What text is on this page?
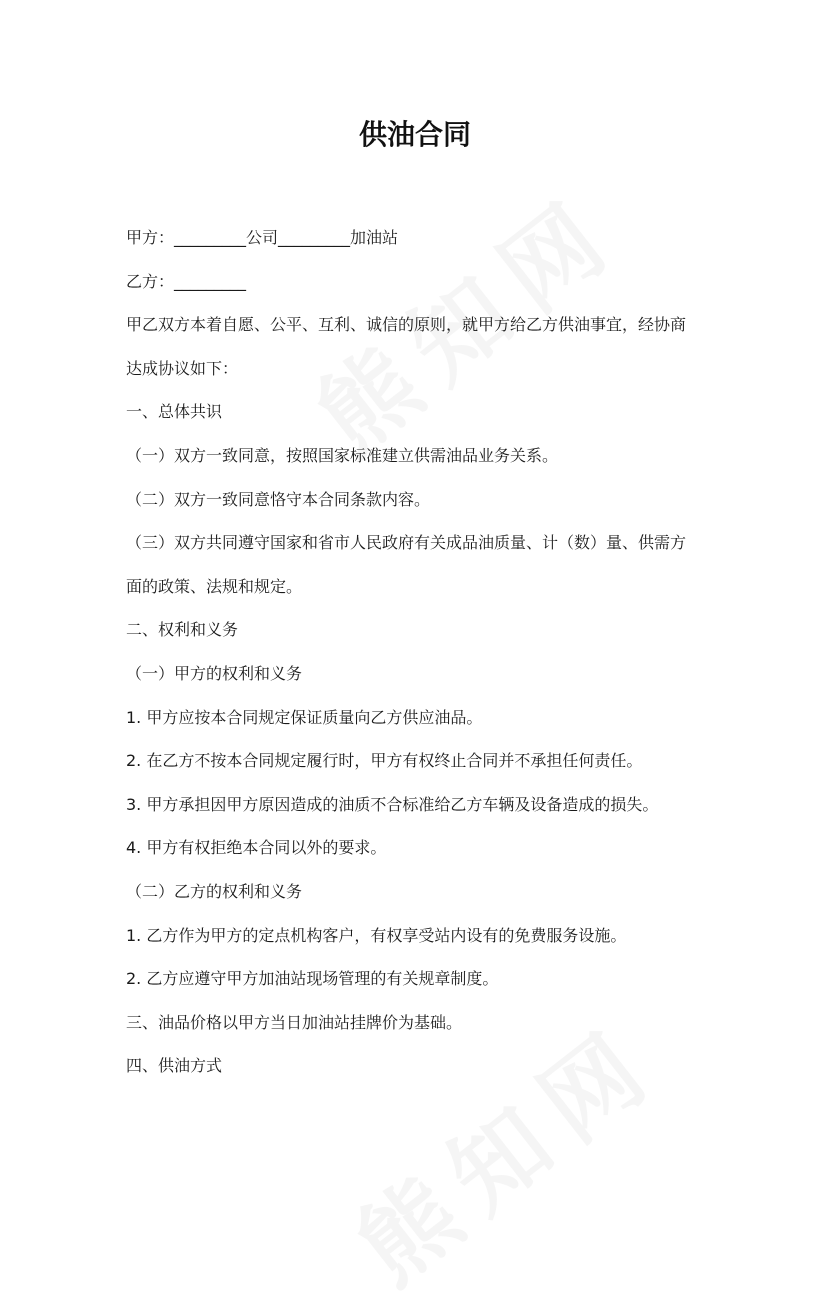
供油合同

甲方：_________公司_________加油站

乙方：_________

甲乙双方本着自愿、公平、互利、诚信的原则，就甲方给乙方供油事宜，经协商

达成协议如下：

一、总体共识

（一）双方一致同意，按照国家标准建立供需油品业务关系。

（二）双方一致同意恪守本合同条款内容。

（三）双方共同遵守国家和省市人民政府有关成品油质量、计（数）量、供需方

面的政策、法规和规定。

二、权利和义务

（一）甲方的权利和义务

1. 甲方应按本合同规定保证质量向乙方供应油品。

2. 在乙方不按本合同规定履行时，甲方有权终止合同并不承担任何责任。

3. 甲方承担因甲方原因造成的油质不合标准给乙方车辆及设备造成的损失。

4. 甲方有权拒绝本合同以外的要求。

（二）乙方的权利和义务

1. 乙方作为甲方的定点机构客户，有权享受站内设有的免费服务设施。

2. 乙方应遵守甲方加油站现场管理的有关规章制度。

三、油品价格以甲方当日加油站挂牌价为基础。

四、供油方式
